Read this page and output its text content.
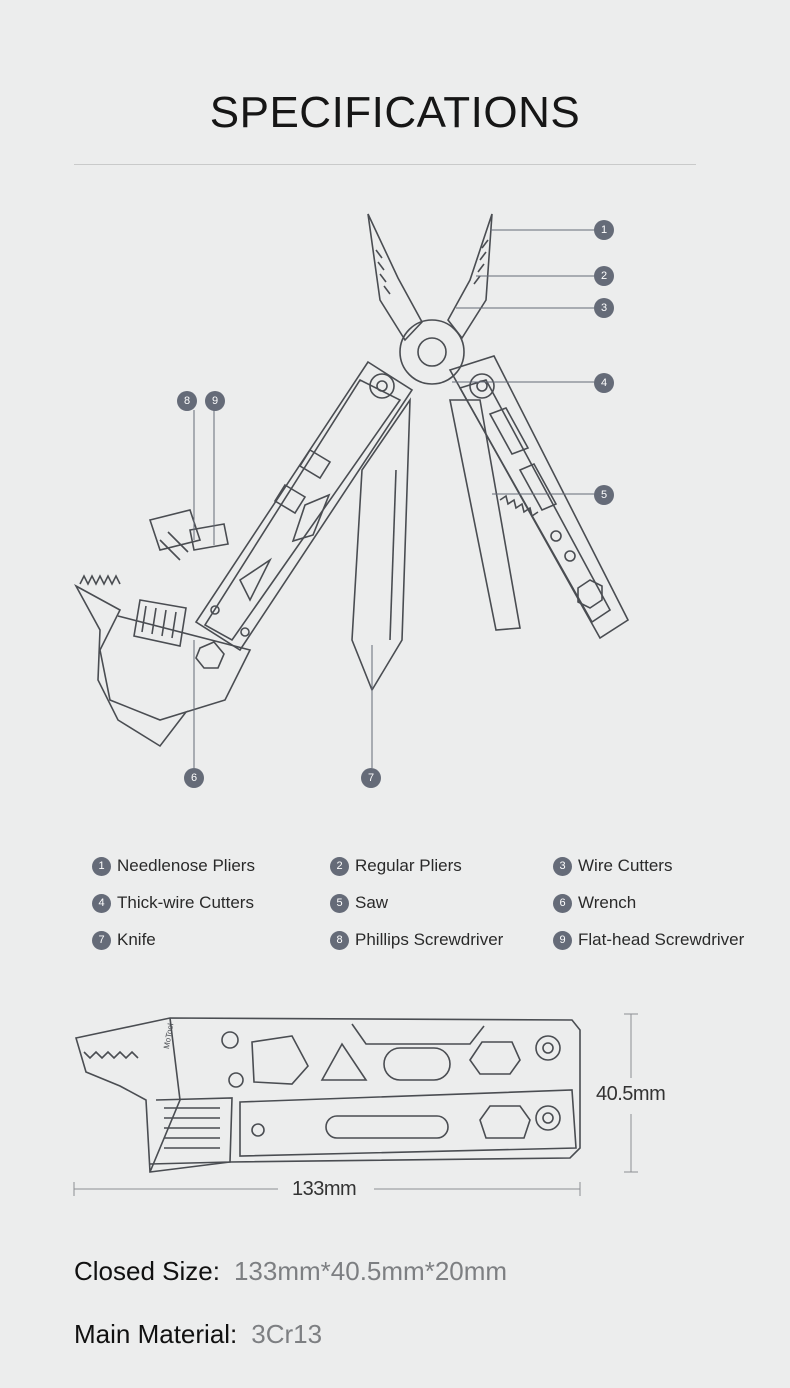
SPECIFICATIONS
1
2
3
4
5
6	7
8	9
1 Needlenose Pliers	2 Regular Pliers	3 Wire Cutters
4 Thick-wire Cutters	5 Saw	6 Wrench
7 Knife	8 Phillips Screwdriver	9 Flat-head Screwdriver
MoTool
40.5mm
133mm
Closed Size: 133mm*40.5mm*20mm
Main Material: 3Cr13
